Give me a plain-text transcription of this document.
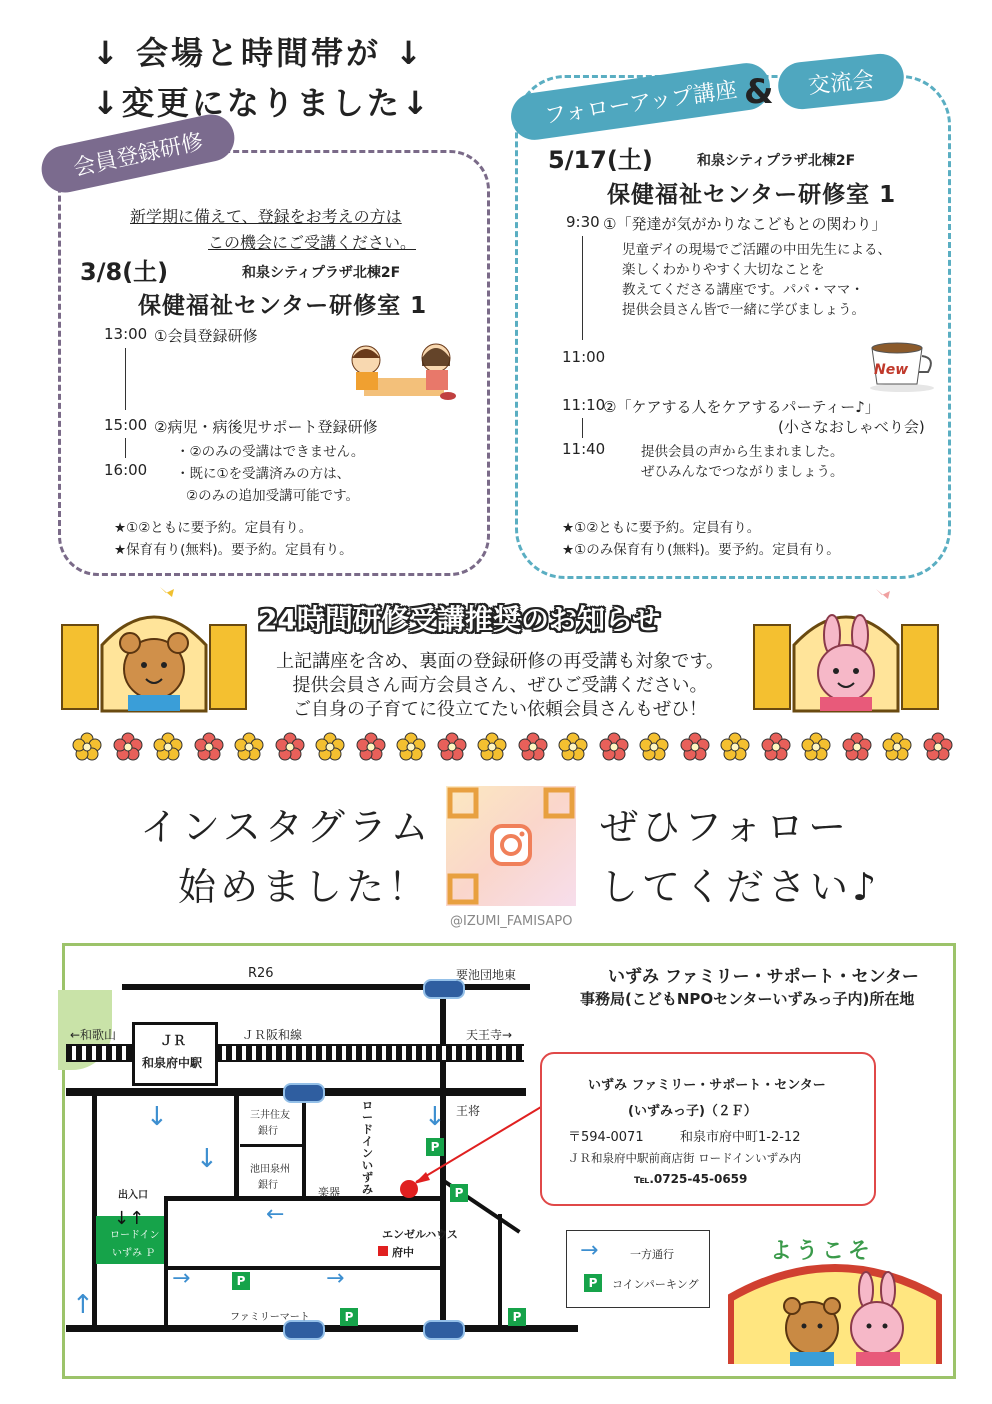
↓ 会場と時間帯が ↓
↓変更になりました↓
会員登録研修
新学期に備えて、登録をお考えの方は
この機会にご受講ください。
3/8(土)	和泉シティプラザ北棟2F
保健福祉センター研修室 1
13:00 ①会員登録研修
15:00 ②病児・病後児サポート登録研修
・②のみの受講はできません。
16:00 ・既に①を受講済みの方は、
②のみの追加受講可能です。
★①②ともに要予約。定員有り。
★保育有り(無料)。要予約。定員有り。
フォローアップ講座 &	交流会
5/17(土)	和泉シティプラザ北棟2F
保健福祉センター研修室 1
9:30 ①「発達が気がかりなこどもとの関わり」
児童デイの現場でご活躍の中田先生による、
楽しくわかりやすく大切なことを
教えてくださる講座です。パパ・ママ・
提供会員さん皆で一緒に学びましょう。
11:00
New
11:10
②「ケアする人をケアするパーティー♪」
(小さなおしゃべり会)
11:40	提供会員の声から生まれました。
ぜひみんなでつながりましょう。
★①②ともに要予約。定員有り。
★①のみ保育有り(無料)。要予約。定員有り。
24時間研修受講推奨のお知らせ
上記講座を含め、裏面の登録研修の再受講も対象です。
提供会員さん両方会員さん、ぜひご受講ください。
ご自身の子育てに役立てたい依頼会員さんもぜひ！
インスタグラム
始めました！
ぜひフォロー
してください♪
@IZUMI_FAMISAPO
いずみ ファミリー・サポート・センター
事務局(こどもNPOセンターいずみっ子内)所在地
ＪＲ
和泉府中駅
R26	要池団地東
←和歌山	ＪＲ阪和線	天王寺→
王将
三井住友
銀行
池田泉州
銀行
ロードインいずみ
楽器
出入口
ロードイン
いずみ Ｐ
エンゼルハウス
府中
ファミリーマート
↓
↓
↓
←
→	→
↑
↓↑
P
P
P
P	P
いずみ ファミリー・サポート・センター
(いずみっ子)（２Ｆ）
〒594-0071	和泉市府中町1-2-12
ＪＲ和泉府中駅前商店街 ロードインいずみ内
℡.0725-45-0659
→	一方通行
P	コインパーキング
ようこそ
